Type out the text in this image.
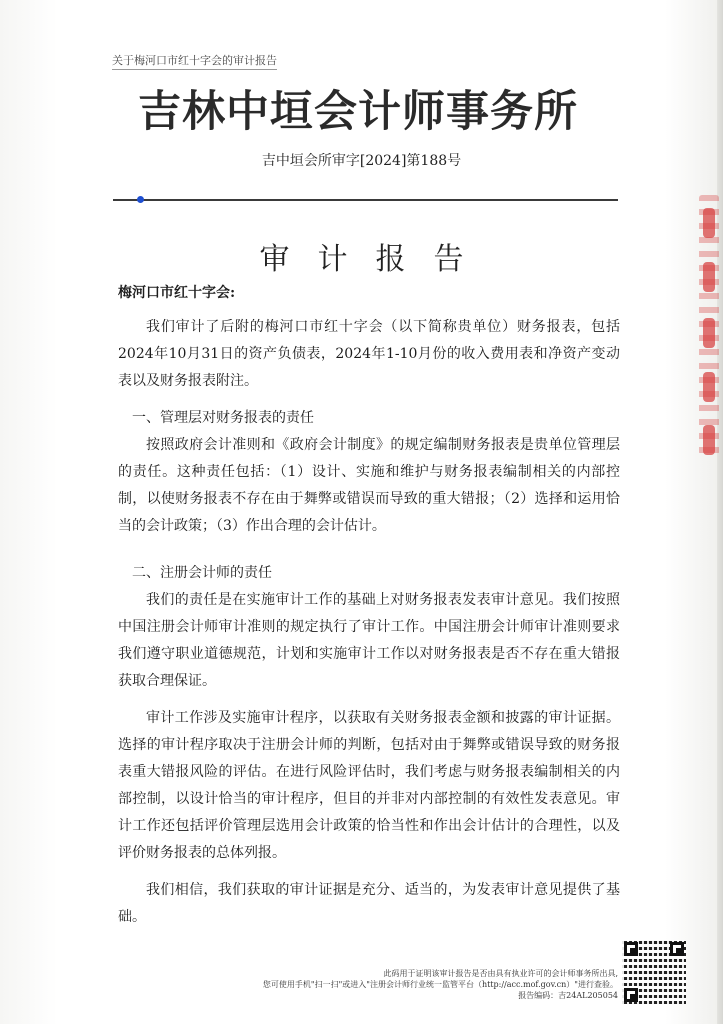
关于梅河口市红十字会的审计报告
吉林中垣会计师事务所
吉中垣会所审字[2024]第188号
审计报告
梅河口市红十字会:

我们审计了后附的梅河口市红十字会（以下简称贵单位）财务报表，包括2024年10月31日的资产负债表，2024年1-10月份的收入费用表和净资产变动表以及财务报表附注。

一、管理层对财务报表的责任

按照政府会计准则和《政府会计制度》的规定编制财务报表是贵单位管理层的责任。这种责任包括：（1）设计、实施和维护与财务报表编制相关的内部控制，以使财务报表不存在由于舞弊或错误而导致的重大错报；（2）选择和运用恰当的会计政策；（3）作出合理的会计估计。

二、注册会计师的责任

我们的责任是在实施审计工作的基础上对财务报表发表审计意见。我们按照中国注册会计师审计准则的规定执行了审计工作。中国注册会计师审计准则要求我们遵守职业道德规范，计划和实施审计工作以对财务报表是否不存在重大错报获取合理保证。

审计工作涉及实施审计程序，以获取有关财务报表金额和披露的审计证据。选择的审计程序取决于注册会计师的判断，包括对由于舞弊或错误导致的财务报表重大错报风险的评估。在进行风险评估时，我们考虑与财务报表编制相关的内部控制，以设计恰当的审计程序，但目的并非对内部控制的有效性发表意见。审计工作还包括评价管理层选用会计政策的恰当性和作出会计估计的合理性，以及评价财务报表的总体列报。

我们相信，我们获取的审计证据是充分、适当的，为发表审计意见提供了基础。

此码用于证明该审计报告是否由具有执业许可的会计师事务所出具,
您可使用手机"扫一扫"或进入"注册会计师行业统一监管平台（http://acc.mof.gov.cn）"进行查验。
报告编码：吉24AL205054
